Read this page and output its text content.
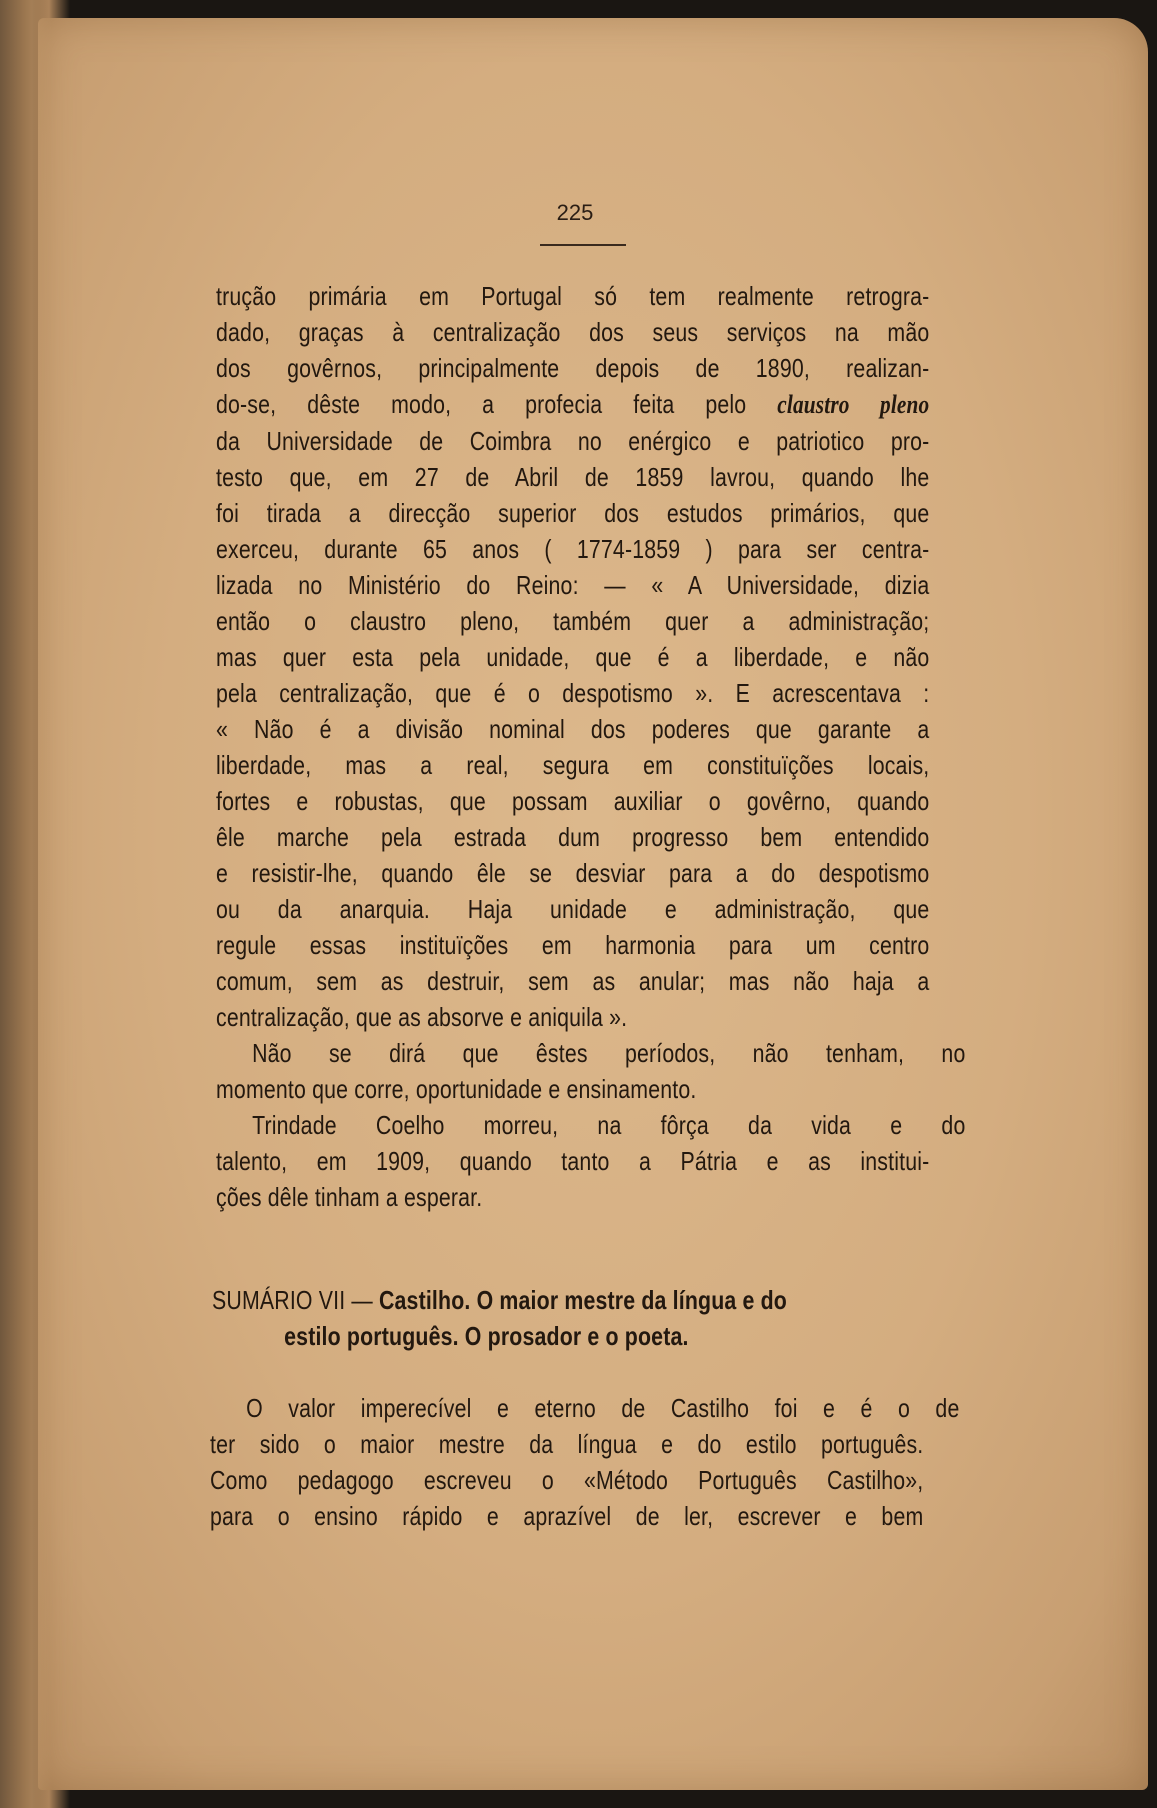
225
trução primária em Portugal só tem realmente retrogra-
dado, graças à centralização dos seus serviços na mão
dos govêrnos, principalmente depois de 1890, realizan-
do-se, dêste modo, a profecia feita pelo claustro pleno
da Universidade de Coimbra no enérgico e patriotico pro-
testo que, em 27 de Abril de 1859 lavrou, quando lhe
foi tirada a direcção superior dos estudos primários, que
exerceu, durante 65 anos ( 1774-1859 ) para ser centra-
lizada no Ministério do Reino: — « A Universidade, dizia
então o claustro pleno, também quer a administração;
mas quer esta pela unidade, que é a liberdade, e não
pela centralização, que é o despotismo ». E acrescentava :
« Não é a divisão nominal dos poderes que garante a
liberdade, mas a real, segura em constituïções locais,
fortes e robustas, que possam auxiliar o govêrno, quando
êle marche pela estrada dum progresso bem entendido
e resistir-lhe, quando êle se desviar para a do despotismo
ou da anarquia. Haja unidade e administração, que
regule essas instituïções em harmonia para um centro
comum, sem as destruir, sem as anular; mas não haja a
centralização, que as absorve e aniquila ».
Não se dirá que êstes períodos, não tenham, no
momento que corre, oportunidade e ensinamento.
Trindade Coelho morreu, na fôrça da vida e do
talento, em 1909, quando tanto a Pátria e as institui-
ções dêle tinham a esperar.
SUMÁRIO VII — Castilho. O maior mestre da língua e do
estilo português. O prosador e o poeta.
O valor imperecível e eterno de Castilho foi e é o de
ter sido o maior mestre da língua e do estilo português.
Como pedagogo escreveu o «Método Português Castilho»,
para o ensino rápido e aprazível de ler, escrever e bem
